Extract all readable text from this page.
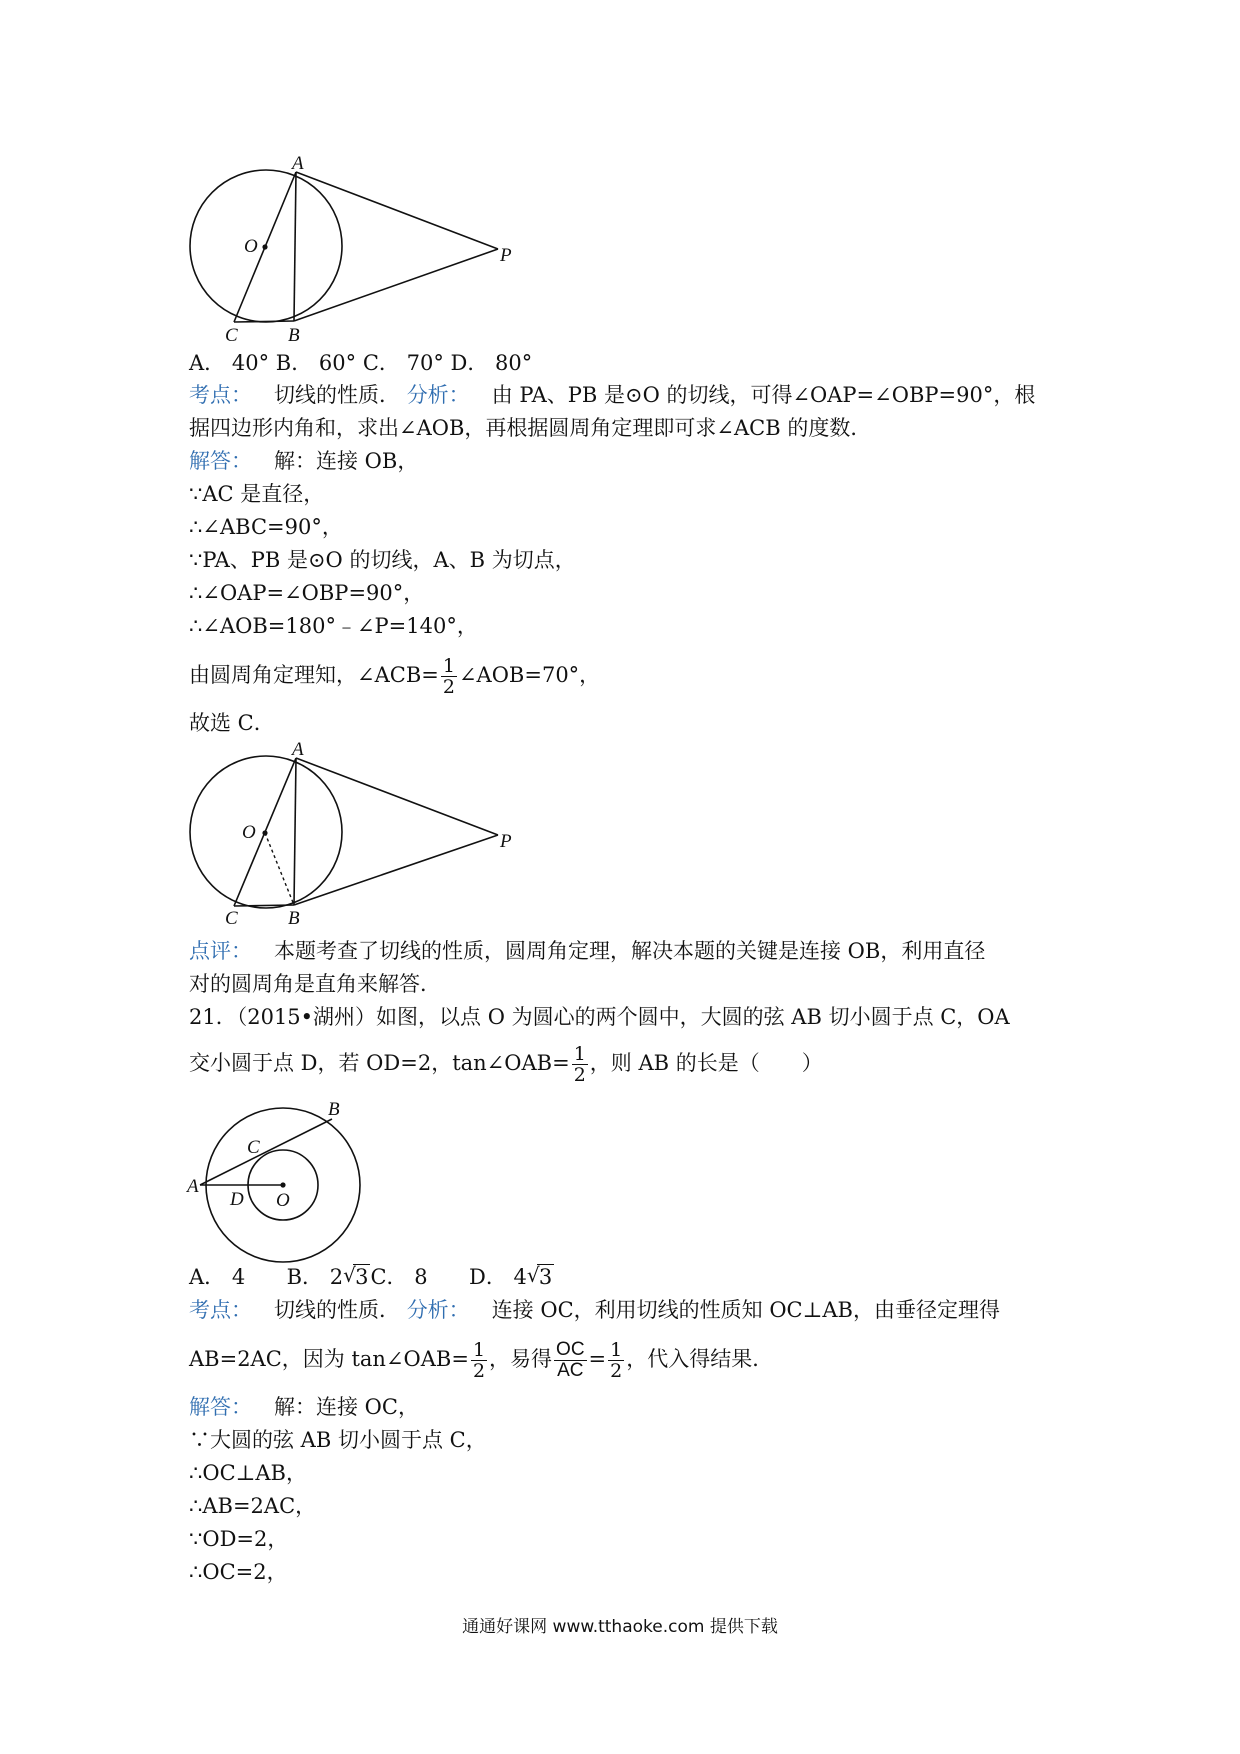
A
O	P
C	B
A． 40° B． 60° C． 70° D． 80°
考点： 切线的性质． 分析： 由 PA、PB 是⊙O 的切线，可得∠OAP=∠OBP=90°，根
据四边形内角和，求出∠AOB，再根据圆周角定理即可求∠ACB 的度数．
解答： 解：连接 OB，
∵AC 是直径，
∴∠ABC=90°，
∵PA、PB 是⊙O 的切线，A、B 为切点，
∴∠OAP=∠OBP=90°，
∴∠AOB=180°﹣∠P=140°，
由圆周角定理知，∠ACB= $\frac{1}{2}$ ∠AOB=70°，
故选 C．
A
O	P
C	B
点评： 本题考查了切线的性质，圆周角定理，解决本题的关键是连接 OB，利用直径
对的圆周角是直角来解答．
21．（2015•湖州）如图，以点 O 为圆心的两个圆中，大圆的弦 AB 切小圆于点 C，OA
交小圆于点 D，若 OD=2，tan∠OAB= $\frac{1}{2}$ ，则 AB 的长是（　　）
B
C
A
D O
A． 4 B． 2 √ 3C． 8 D． 4 √ 3
考点： 切线的性质． 分析： 连接 OC，利用切线的性质知 OC⊥AB，由垂径定理得
AB=2AC，因为 tan∠OAB= $\frac{1}{2}$ ，易得 $\frac{OC}{AC} = \frac{1}{2}$ ，代入得结果．
解答： 解：连接 OC，
∵大圆的弦 AB 切小圆于点 C，
∴OC⊥AB，
∴AB=2AC，
∵OD=2，
∴OC=2，
通通好课网 www.tthaoke.com 提供下载
